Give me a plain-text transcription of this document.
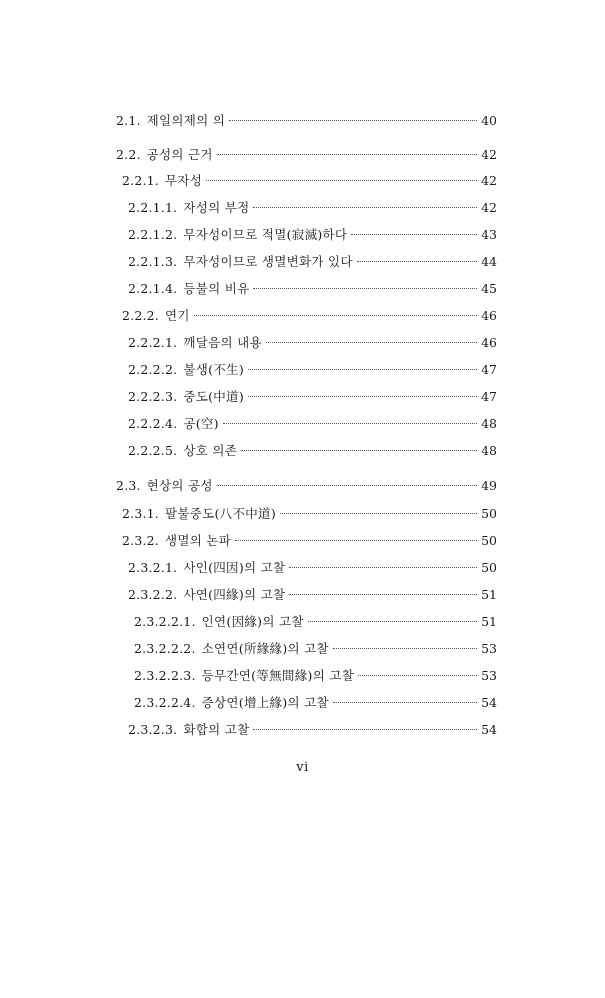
2.1. 제일의제의 의	40
2.2. 공성의 근거	42
2.2.1. 무자성	42
2.2.1.1. 자성의 부정	42
2.2.1.2. 무자성이므로 적멸(寂滅)하다	43
2.2.1.3. 무자성이므로 생멸변화가 있다	44
2.2.1.4. 등불의 비유	45
2.2.2. 연기	46
2.2.2.1. 깨달음의 내용	46
2.2.2.2. 불생(不生)	47
2.2.2.3. 중도(中道)	47
2.2.2.4. 공(空)	48
2.2.2.5. 상호 의존	48
2.3. 현상의 공성	49
2.3.1. 팔불중도(八不中道)	50
2.3.2. 생멸의 논파	50
2.3.2.1. 사인(四因)의 고찰	50
2.3.2.2. 사연(四緣)의 고찰	51
2.3.2.2.1. 인연(因緣)의 고찰	51
2.3.2.2.2. 소연연(所緣緣)의 고찰	53
2.3.2.2.3. 등무간연(等無間緣)의 고찰	53
2.3.2.2.4. 증상연(增上緣)의 고찰	54
2.3.2.3. 화합의 고찰	54
vi
